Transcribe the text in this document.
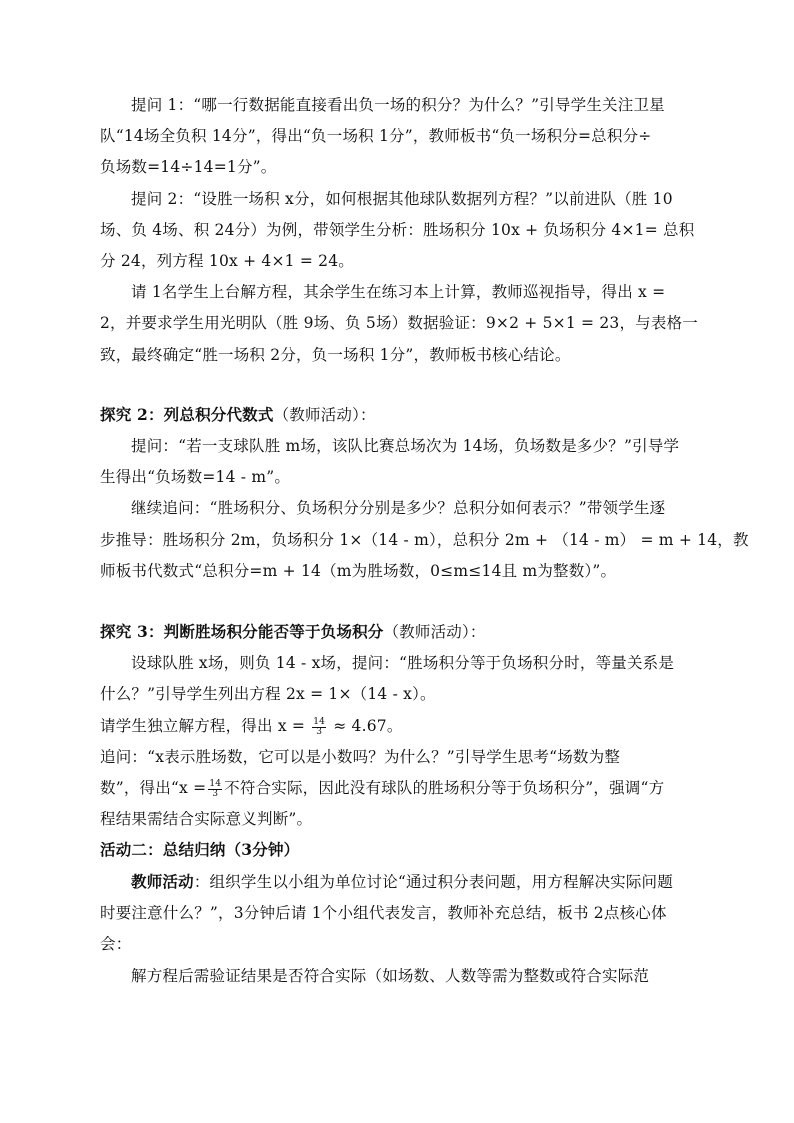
提问 1：“哪一行数据能直接看出负一场的积分？为什么？”引导学生关注卫星
队“14场全负积 14分”，得出“负一场积 1分”，教师板书“负一场积分=总积分÷
负场数=14÷14=1分”。
提问 2：“设胜一场积 x分，如何根据其他球队数据列方程？”以前进队（胜 10
场、负 4场、积 24分）为例，带领学生分析：胜场积分 10x + 负场积分 4×1= 总积
分 24，列方程 10x + 4×1 = 24。
请 1名学生上台解方程，其余学生在练习本上计算，教师巡视指导，得出 x =
2，并要求学生用光明队（胜 9场、负 5场）数据验证：9×2 + 5×1 = 23，与表格一
致，最终确定“胜一场积 2分，负一场积 1分”，教师板书核心结论。
探究 2：列总积分代数式（教师活动）：
提问：“若一支球队胜 m场，该队比赛总场次为 14场，负场数是多少？”引导学
生得出“负场数=14 - m”。
继续追问：“胜场积分、负场积分分别是多少？总积分如何表示？”带领学生逐
步推导：胜场积分 2m，负场积分 1×（14 - m），总积分 2m + （14 - m） = m + 14，教
师板书代数式“总积分=m + 14（m为胜场数，0≤m≤14且 m为整数）”。
探究 3：判断胜场积分能否等于负场积分（教师活动）：
设球队胜 x场，则负 14 - x场，提问：“胜场积分等于负场积分时，等量关系是
什么？”引导学生列出方程 2x = 1×（14 - x）。
请学生独立解方程，得出 $x = \frac{14}{3} \approx 4.67$。
追问：“x表示胜场数，它可以是小数吗？为什么？”引导学生思考“场数为整
数”，得出“$x = \frac{14}{3}$ 不符合实际，因此没有球队的胜场积分等于负场积分”，强调“方
程结果需结合实际意义判断”。
活动二：总结归纳（3分钟）
教师活动：组织学生以小组为单位讨论“通过积分表问题，用方程解决实际问题
时要注意什么？”，3分钟后请 1个小组代表发言，教师补充总结，板书 2点核心体
会：
解方程后需验证结果是否符合实际（如场数、人数等需为整数或符合实际范
